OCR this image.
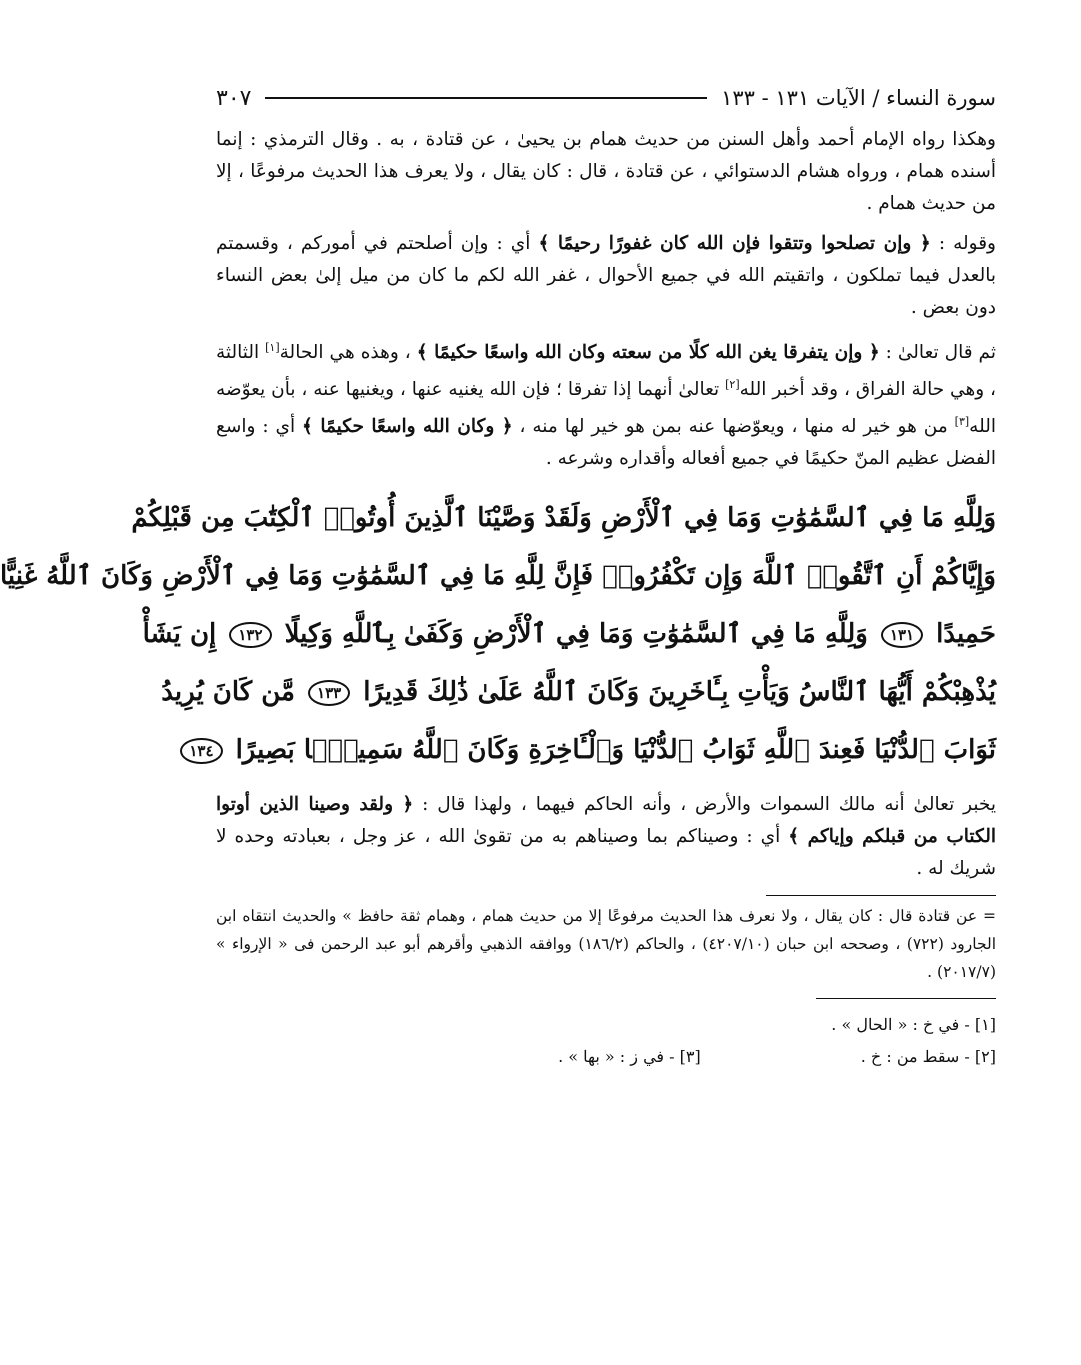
سورة النساء / الآيات ١٣١ - ١٣٣
٣٠٧

وهكذا رواه الإمام أحمد وأهل السنن من حديث همام بن يحيىٰ ، عن قتادة ، به . وقال الترمذي : إنما أسنده همام ، ورواه هشام الدستوائي ، عن قتادة ، قال : كان يقال ، ولا يعرف هذا الحديث مرفوعًا ، إلا من حديث همام .

وقوله : ﴿ وإن تصلحوا وتتقوا فإن الله كان غفورًا رحيمًا ﴾ أي : وإن أصلحتم في أموركم ، وقسمتم بالعدل فيما تملكون ، واتقيتم الله في جميع الأحوال ، غفر الله لكم ما كان من ميل إلىٰ بعض النساء دون بعض .

ثم قال تعالىٰ : ﴿ وإن يتفرقا يغن الله كلًا من سعته وكان الله واسعًا حكيمًا ﴾ ، وهذه هي الحالة[١] الثالثة ، وهي حالة الفراق ، وقد أخبر الله[٢] تعالىٰ أنهما إذا تفرقا ؛ فإن الله يغنيه عنها ، ويغنيها عنه ، بأن يعوّضه الله[٣] من هو خير له منها ، ويعوّضها عنه بمن هو خير لها منه ، ﴿ وكان الله واسعًا حكيمًا ﴾ أي : واسع الفضل عظيم المنّ حكيمًا في جميع أفعاله وأقداره وشرعه .

وَلِلَّهِ مَا فِي ٱلسَّمَٰوَٰتِ وَمَا فِي ٱلْأَرْضِ وَلَقَدْ وَصَّيْنَا ٱلَّذِينَ أُوتُوا۟ ٱلْكِتَٰبَ مِن قَبْلِكُمْ
وَإِيَّاكُمْ أَنِ ٱتَّقُوا۟ ٱللَّهَ وَإِن تَكْفُرُوا۟ فَإِنَّ لِلَّهِ مَا فِي ٱلسَّمَٰوَٰتِ وَمَا فِي ٱلْأَرْضِ وَكَانَ ٱللَّهُ غَنِيًّا
حَمِيدًا ١٣١ وَلِلَّهِ مَا فِي ٱلسَّمَٰوَٰتِ وَمَا فِي ٱلْأَرْضِ وَكَفَىٰ بِٱللَّهِ وَكِيلًا ١٣٢ إِن يَشَأْ
يُذْهِبْكُمْ أَيُّهَا ٱلنَّاسُ وَيَأْتِ بِـَٔاخَرِينَ وَكَانَ ٱللَّهُ عَلَىٰ ذَٰلِكَ قَدِيرًا ١٣٣ مَّن كَانَ يُرِيدُ
ثَوَابَ ٱلدُّنْيَا فَعِندَ ٱللَّهِ ثَوَابُ ٱلدُّنْيَا وَٱلْـَٔاخِرَةِ وَكَانَ ٱللَّهُ سَمِيعًۢا بَصِيرًا ١٣٤

يخبر تعالىٰ أنه مالك السموات والأرض ، وأنه الحاكم فيهما ، ولهذا قال : ﴿ ولقد وصينا الذين أوتوا الكتاب من قبلكم وإياكم ﴾ أي : وصيناكم بما وصيناهم به من تقوىٰ الله ، عز وجل ، بعبادته وحده لا شريك له .

= عن قتادة قال : كان يقال ، ولا نعرف هذا الحديث مرفوعًا إلا من حديث همام ، وهمام ثقة حافظ » والحديث انتقاه ابن الجارود (٧٢٢) ، وصححه ابن حبان (٤٢٠٧/١٠) ، والحاكم (١٨٦/٢) ووافقه الذهبي وأقرهم أبو عبد الرحمن فى « الإرواء » (٢٠١٧/٧) .
[١] - في خ : « الحال » .
[٢] - سقط من : خ .
[٣] - في ز : « بها » .
